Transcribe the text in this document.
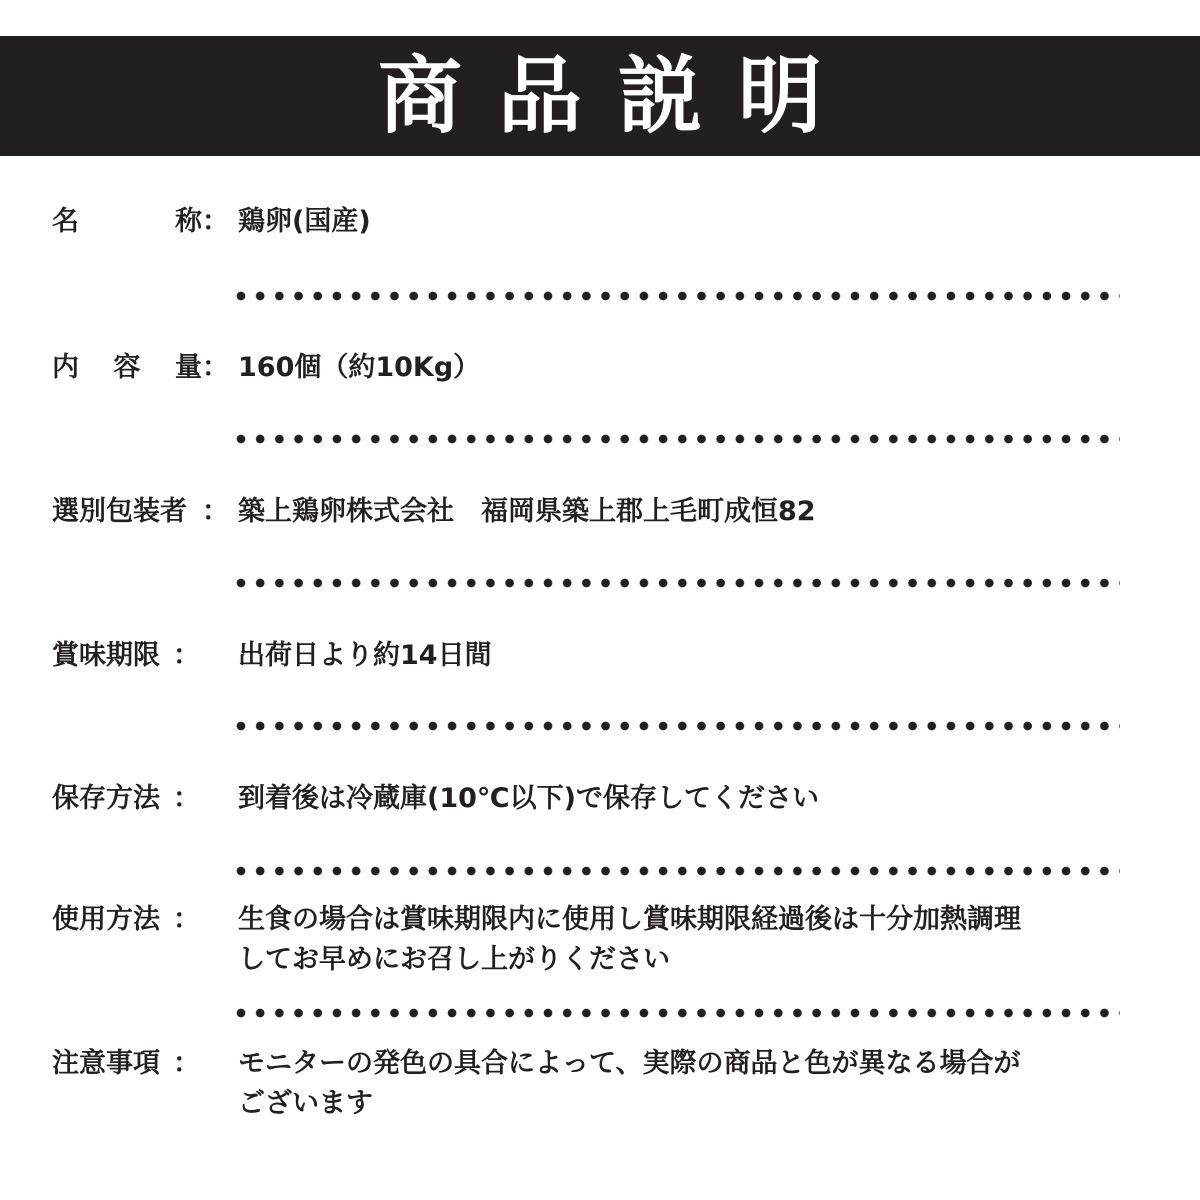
商品説明
名	称 ： 鶏卵(国産)
内 容 量 ： 160個（約10Kg）
選別包装者 ： 築上鶏卵株式会社　福岡県築上郡上毛町成恒82
賞味期限 ： 出荷日より約14日間
保存方法 ： 到着後は冷蔵庫(10℃以下)で保存してください
使用方法 ： 生食の場合は賞味期限内に使用し賞味期限経過後は十分加熱調理
してお早めにお召し上がりください
注意事項 ： モニターの発色の具合によって、実際の商品と色が異なる場合が
ございます
